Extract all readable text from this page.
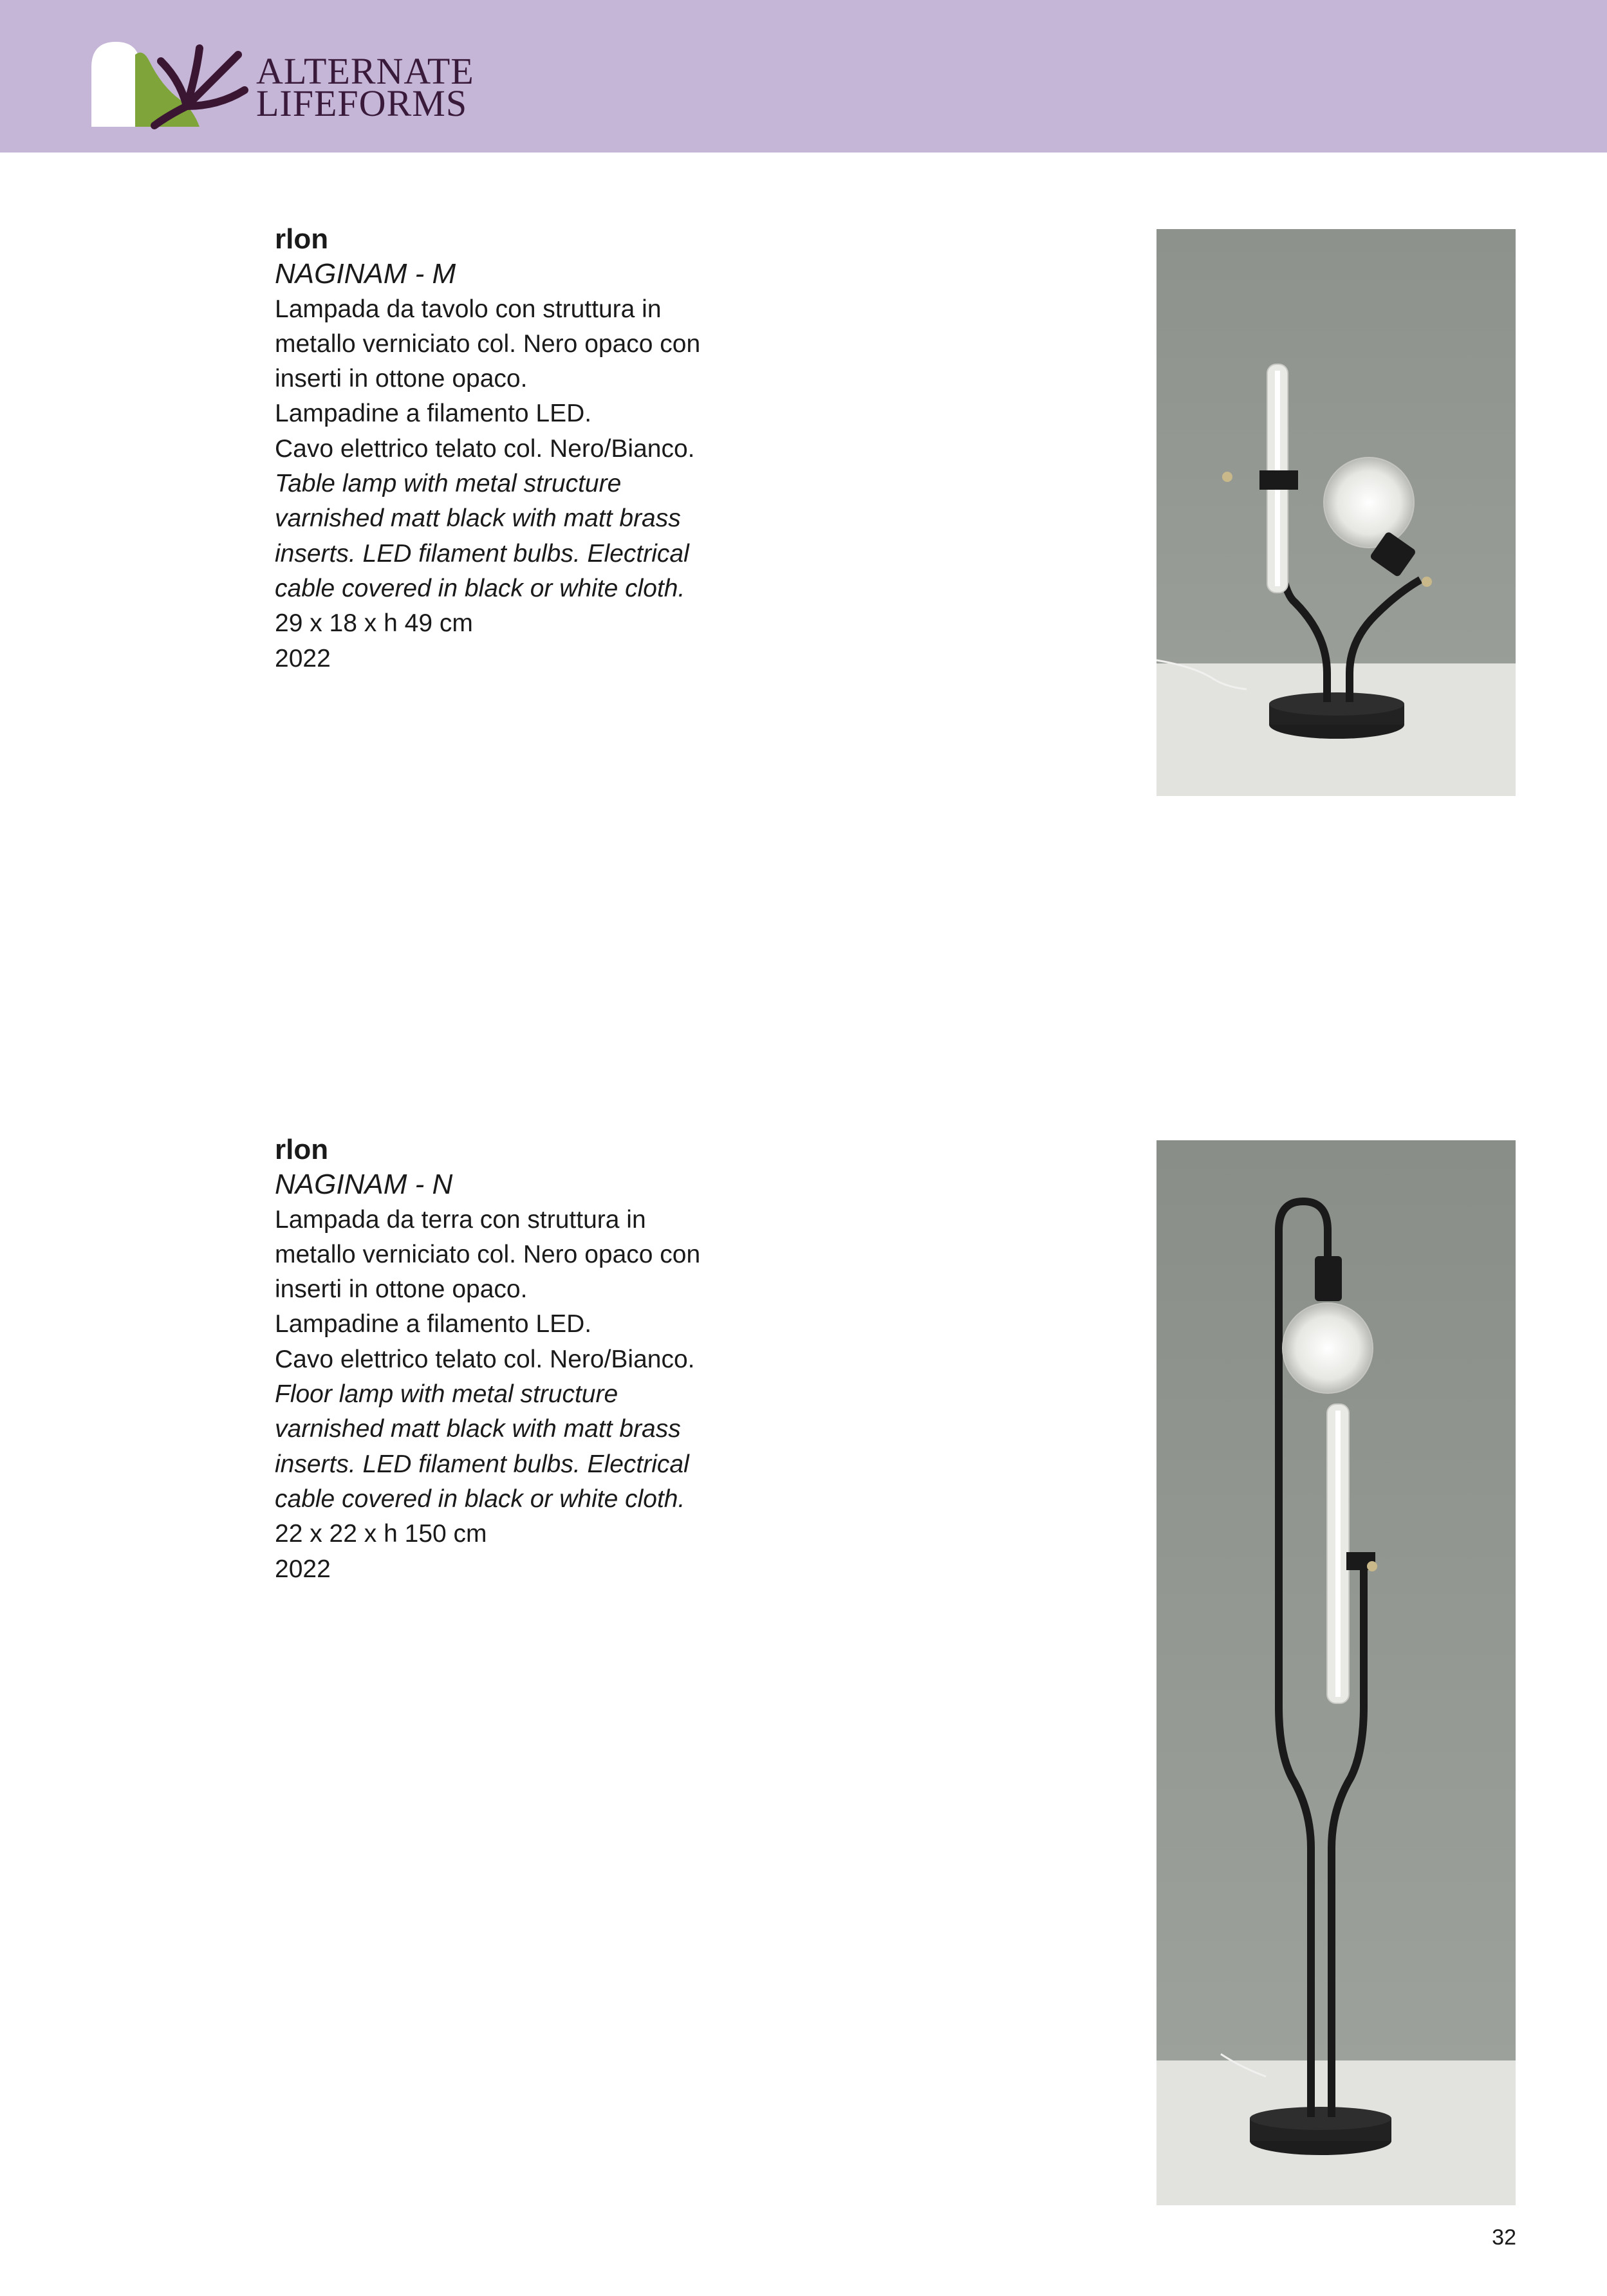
ALTERNATE
LIFEFORMS

rlon

NAGINAM - M

Lampada da tavolo con struttura in

metallo verniciato col. Nero opaco con

inserti in ottone opaco.

Lampadine a filamento LED.

Cavo elettrico telato col. Nero/Bianco.

Table lamp with metal structure

varnished matt black with matt brass

inserts. LED filament bulbs. Electrical

cable covered in black or white cloth.

29 x 18 x h 49 cm

2022

rlon

NAGINAM - N

Lampada da terra con struttura in

metallo verniciato col. Nero opaco con

inserti in ottone opaco.

Lampadine a filamento LED.

Cavo elettrico telato col. Nero/Bianco.

Floor lamp with metal structure

varnished matt black with matt brass

inserts. LED filament bulbs. Electrical

cable covered in black or white cloth.

22 x 22 x h 150 cm

2022

32
